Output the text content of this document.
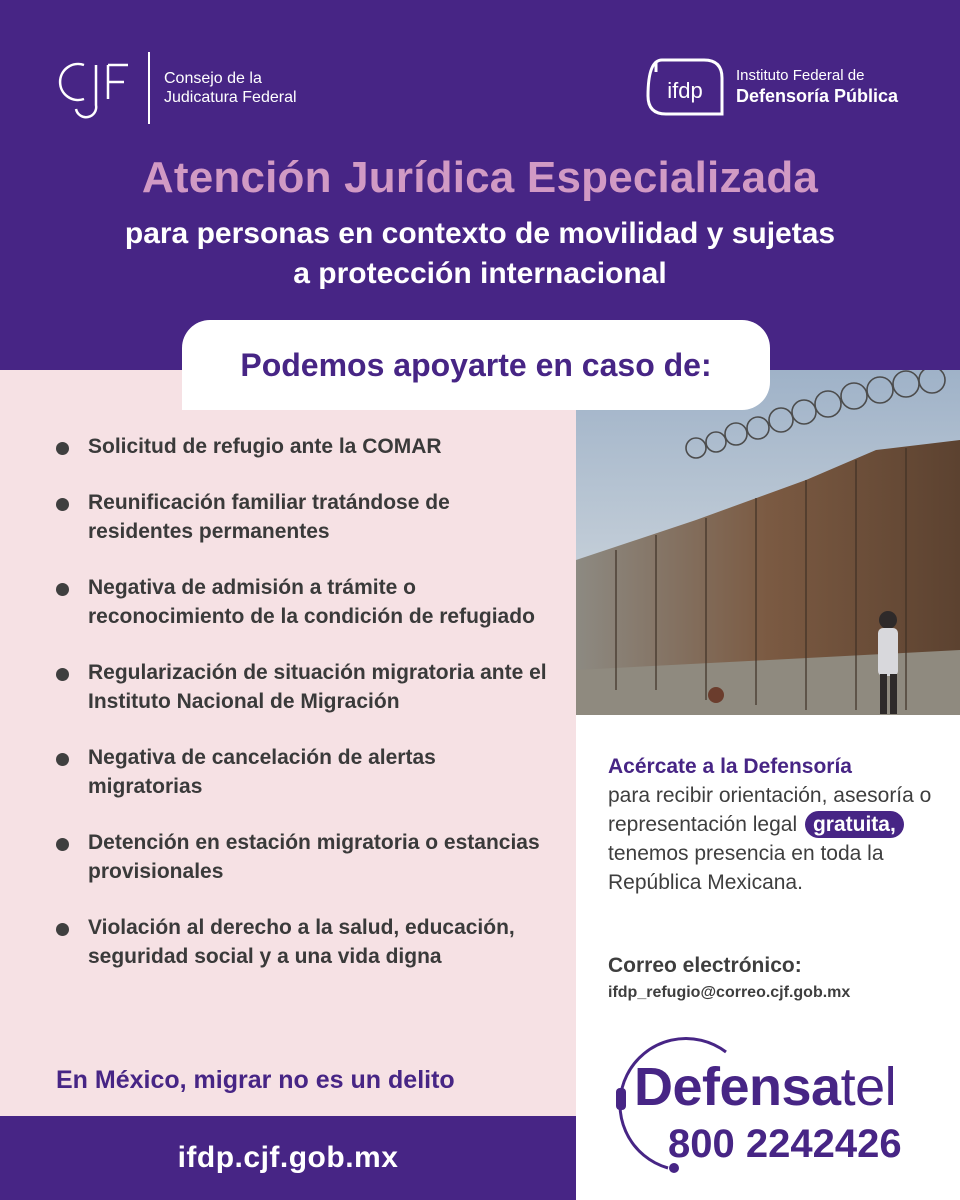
Consejo de la
Judicatura Federal	ifdp
Instituto Federal de
Defensoría Pública
Atención Jurídica Especializada
para personas en contexto de movilidad y sujetas
a protección internacional
Acércate a la Defensoría
para recibir orientación, asesoría o representación legal gratuita, tenemos presencia en toda la República Mexicana.
Correo electrónico:
ifdp_refugio@correo.cjf.gob.mx
Defensatel
800 2242426
Podemos apoyarte en caso de:
Solicitud de refugio ante la COMAR
Reunificación familiar tratándose de residentes permanentes
Negativa de admisión a trámite o reconocimiento de la condición de refugiado
Regularización de situación migratoria ante el Instituto Nacional de Migración
Negativa de cancelación de alertas migratorias
Detención en estación migratoria o estancias provisionales
Violación al derecho a la salud, educación, seguridad social y a una vida digna
En México, migrar no es un delito
ifdp.cjf.gob.mx
